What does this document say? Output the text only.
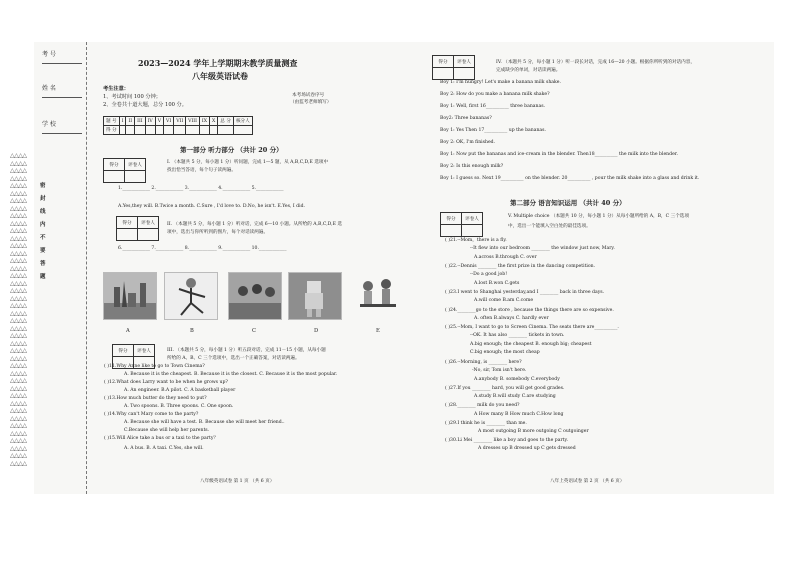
考 号
姓 名
学 校
△△△△
△△△△
△△△△
△△△△
△△△△
△△△△
△△△△
△△△△
△△△△
△△△△
△△△△
△△△△
△△△△
△△△△
△△△△
△△△△
△△△△
△△△△
△△△△
△△△△
△△△△
△△△△
△△△△
△△△△
△△△△
△△△△
△△△△
△△△△
△△△△
△△△△
△△△△
△△△△
△△△△
△△△△
△△△△
△△△△
△△△△
△△△△
△△△△
△△△△
△△△△
△△△△
密封线内不要答题
2023—2024 学年上学期期末教学质量测查
八年级英语试卷
考生注意：
1、考试时间 100 分钟；
2、全卷共十道大题，总分 100 分。
本考场试卷序号
（由监考老师填写）
题 号	I	II	III	IV	V	VI	VII	VIII	IX	X	总 分	核分人
得 分												
第一部分 听力部分 （共计 20 分）
得分	评卷人
		I. （本题共 5 分，每小题 1 分）听问题，完成 1—5 题，从 A,B,C,D,E 选项中
找出恰当答语，每个句子读两遍。
1.____________ 2.____________ 3.____________ 4.____________ 5.____________
A.Yes,they will. B.Twice a month. C.Sure , I'd love to. D.No, he isn't. E.Yes, I did.
得分	评卷人
		II. （本题共 5 分，每小题 1 分）听对话，完成 6—10 小题。从所给的 A,B,C,D,E 选
项中，选出与你所听到的图片，每个对话读两遍。
6.____________ 7.____________ 8.____________ 9.____________ 10.____________
A	B	C	D	E
得分	评卷人
		III. （本题共 5 分，每小题 1 分）听五段对话，完成 11－15 小题，从每小题
所给的 A、B、C 三个选项中，选出一个正确答案，对话读两遍。
( )11.Why Anne like to go to Town Cinema?
A. Because it is the cheapest. B. Because it is the closest. C. Because it is the most popular.
( )12.What does Larry want to be when he grows up?
A. An engineer. B.A pilot. C. A basketball player
( )13.How much butter do they need to put?
A. Two spoons. B. Three spoons. C. One spoon.
( )14.Why can't Mary come to the party?
A. Because she will have a test. B. Because she will meet her friend..
C.Because she will help her parents.
( )15.Will Alice take a bus or a taxi to the party？
A. A bus. B. A taxi. C.Yes, she will.
八年级英语试卷 第 1 页 （共 6 页）
得分	评卷人
		IV. （本题共 5 分，每小题 1 分）听一段长对话，完成 16—20 小题。根据你所听到的对话内容，
完成缺少的单词，对话读两遍。
Boy 1: I'm hungry! Let's make a banana milk shake.
Boy 2: How do you make a banana milk shake?
Boy 1: Well, first 16__________ three bananas.
Boy2: Three bananas?
Boy 1: Yes Then 17__________ up the bananas.
Boy 2: OK, I'm finished.
Boy 1: Now put the bananas and ice-cream in the blender. Then18__________ the milk into the blender.
Boy 2: Is this enough milk?
Boy 1: I guess so. Next 19__________ on the blender. 20__________ , pour the milk shake into a glass and drink it.
第二部分 语言知识运用 （共计 40 分）
得分	评卷人
		V. Multiple choice （本题共 10 分，每小题 1 分）从每小题所给的 A，B，C 三个选项
中，选出一个能填入空白处的最佳选项。
( )21.--Mom，there is a fly.
--It flew into our bedroom ________ the window just now, Mary.
A.across B.through C. over
( )22.--Dennis ________ the first prize in the dancing competition.
--Do a good job!
A.lost B.won C.gets
( )23.I went to Shanghai yesterday,and I ________ back in three days.
A.will come B.am C.come
( )24.________go to the store , because the things there are so expensive.
A. often B.always C. hardly ever
( )25.--Mom, I want to go to Screen Cinema. The seats there are__________.
--OK. It has also ________ tickets in town.
A.big enough; the cheapest B. enough big; cheapest
C.big enough; the most cheap
( )26.--Morning, is ________ here?
-No, sir, Tom isn't here.
A.anybody B. somebody C.everybody
( )27.If you ________ hard, you will get good grades.
A.study B.will study C.are studying
( )28.________ milk do you need?
A How many B How much C.How long
( )29.I think he is ________ than me.
A most outgoing B more outgoing C outgoinger
( )30.Li Mei ________ like a boy and goes to the party.
A dresses up B dressed up C gets dressed
八年上英语试卷 第 2 页 （共 6 页）
